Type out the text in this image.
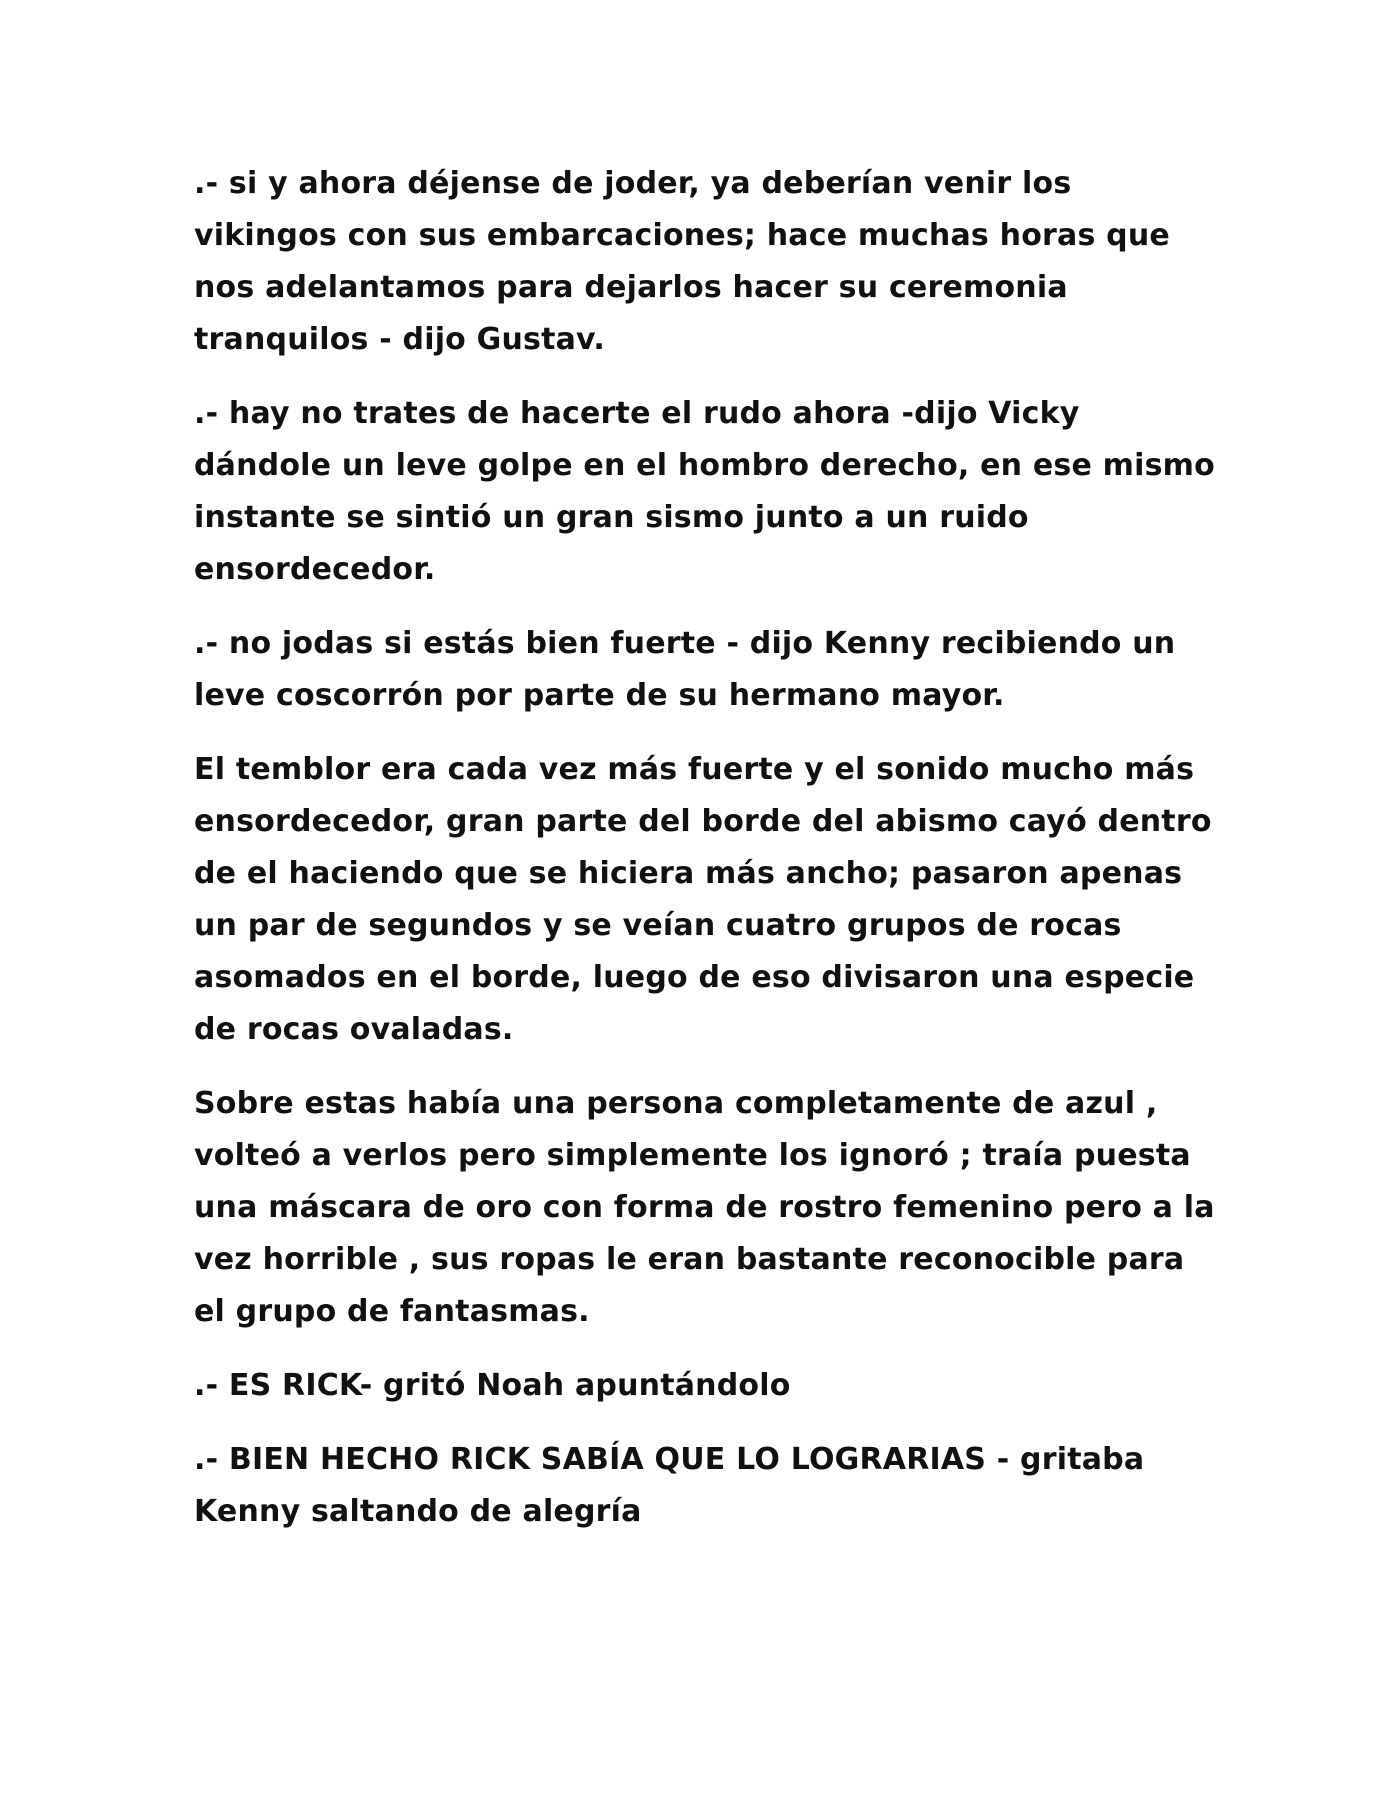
.- si y ahora déjense de joder, ya deberían venir los vikingos con sus embarcaciones; hace muchas horas que nos adelantamos para dejarlos hacer su ceremonia tranquilos - dijo Gustav.

.- hay no trates de hacerte el rudo ahora -dijo Vicky dándole un leve golpe en el hombro derecho, en ese mismo instante se sintió un gran sismo junto a un ruido ensordecedor.

.- no jodas si estás bien fuerte - dijo Kenny recibiendo un leve coscorrón por parte de su hermano mayor.

El temblor era cada vez más fuerte y el sonido mucho más ensordecedor, gran parte del borde del abismo cayó dentro de el haciendo que se hiciera más ancho; pasaron apenas un par de segundos y se veían cuatro grupos de rocas asomados en el borde, luego de eso divisaron una especie de rocas ovaladas.

Sobre estas había una persona completamente de azul , volteó a verlos pero simplemente los ignoró ; traía puesta una máscara de oro con forma de rostro femenino pero a la vez horrible , sus ropas le eran bastante reconocible para el grupo de fantasmas.

.- ES RICK- gritó Noah apuntándolo

.- BIEN HECHO RICK SABÍA QUE LO LOGRARIAS - gritaba Kenny saltando de alegría
